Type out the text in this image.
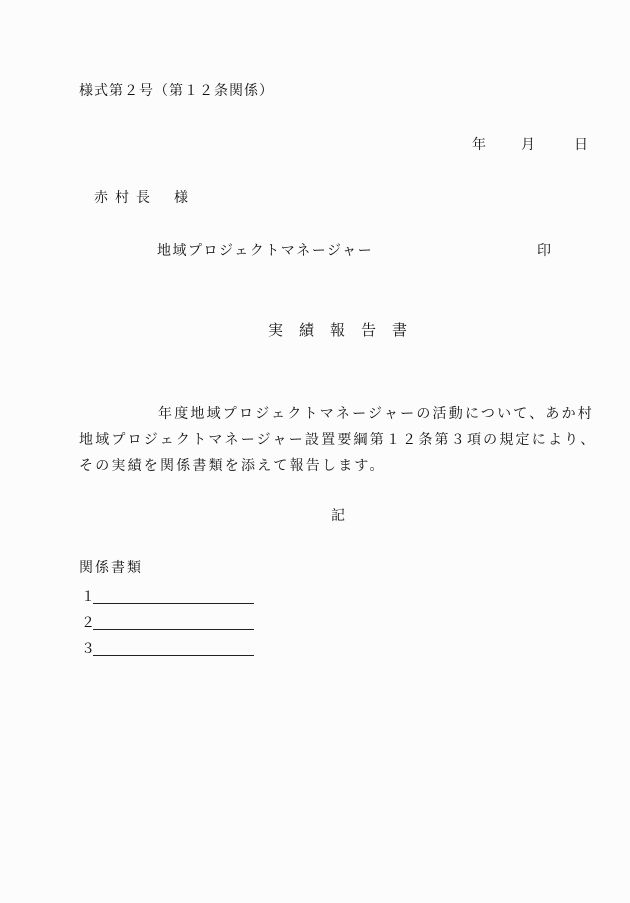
様式第２号（第１２条関係）
年	月	日
赤村長 様
地域プロジェクトマネージャー	印
実績報告書
年度地域プロジェクトマネージャーの活動について、あか村地域プロジェクトマネージャー設置要綱第１２条第３項の規定により、その実績を関係書類を添えて報告します。
記
関係書類
１
２
３
